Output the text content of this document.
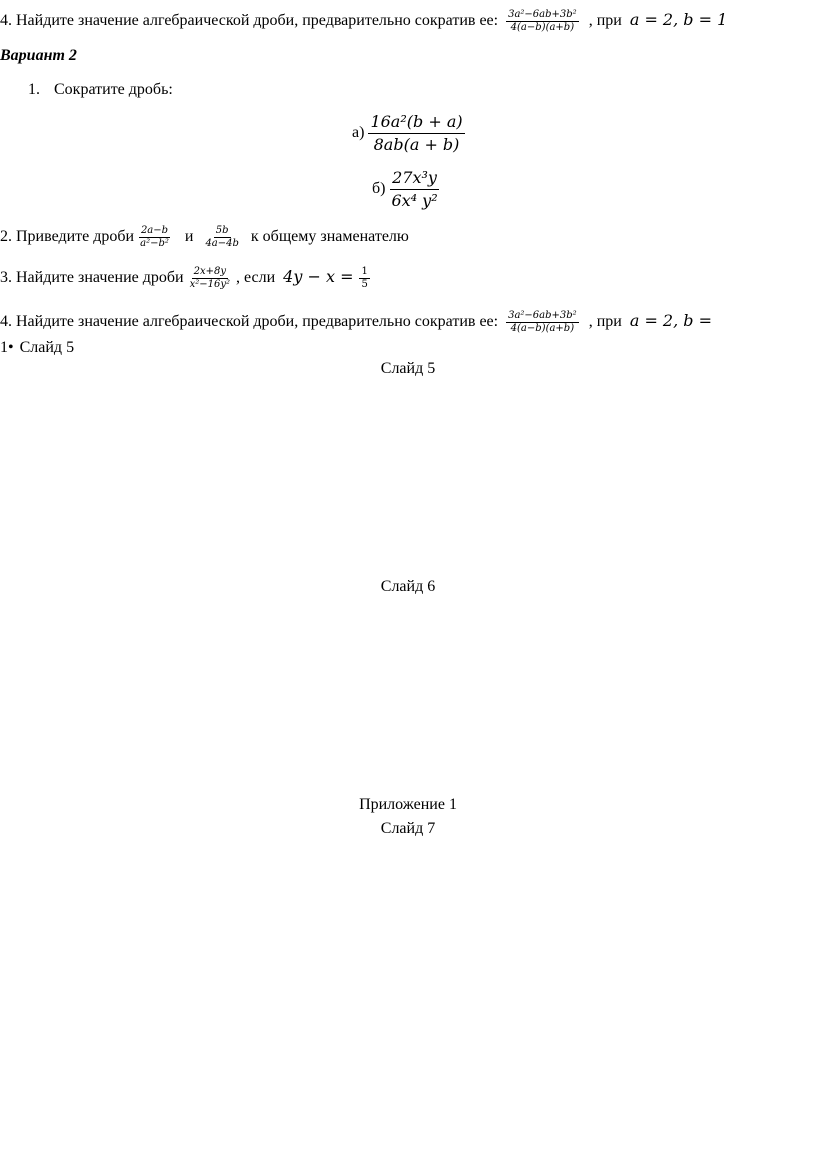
4. Найдите значение алгебраической дроби, предварительно сократив ее: $\frac{\text{3a²−6ab+3b²}}{4(a-b)(a+b)}$ , при a = 2, b = 1
Вариант 2
1. Сократите дробь:
$а) \frac{\text{16a²(b + a)}}{8ab(a + b)}$
$б) \frac{\text{27x³y}}{\text{6x⁴ y²}}$
2. Приведите дроби $\frac{2a-b}{\text{a²−b²}}$ и $\frac{5b}{4a-4b}$ к общему знаменателю
3. Найдите значение дроби $\frac{2x+8y}{\text{x²−16y²}}$ , если $4y - x = \frac{1}{5}$
4. Найдите значение алгебраической дроби, предварительно сократив ее: $\frac{\text{3a²−6ab+3b²}}{4(a-b)(a+b)}$ , при a = 2, b =
1• Слайд 5
Слайд 5
Слайд 6
Приложение 1
Слайд 7
